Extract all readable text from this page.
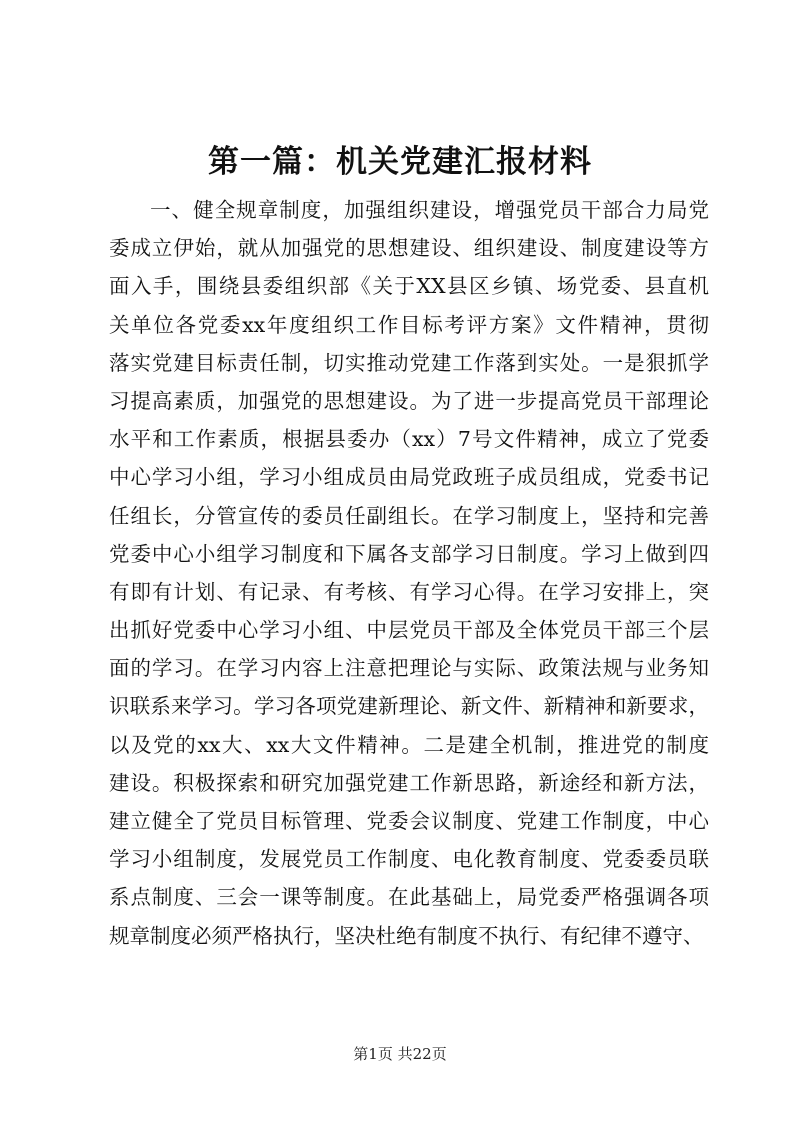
第一篇：机关党建汇报材料
一、健全规章制度，加强组织建设，增强党员干部合力局党
委成立伊始，就从加强党的思想建设、组织建设、制度建设等方
面入手，围绕县委组织部《关于XX县区乡镇、场党委、县直机
关单位各党委xx年度组织工作目标考评方案》文件精神，贯彻
落实党建目标责任制，切实推动党建工作落到实处。一是狠抓学
习提高素质，加强党的思想建设。为了进一步提高党员干部理论
水平和工作素质，根据县委办（xx）7号文件精神，成立了党委
中心学习小组，学习小组成员由局党政班子成员组成，党委书记
任组长，分管宣传的委员任副组长。在学习制度上，坚持和完善
党委中心小组学习制度和下属各支部学习日制度。学习上做到四
有即有计划、有记录、有考核、有学习心得。在学习安排上，突
出抓好党委中心学习小组、中层党员干部及全体党员干部三个层
面的学习。在学习内容上注意把理论与实际、政策法规与业务知
识联系来学习。学习各项党建新理论、新文件、新精神和新要求，
以及党的xx大、xx大文件精神。二是建全机制，推进党的制度
建设。积极探索和研究加强党建工作新思路，新途经和新方法，
建立健全了党员目标管理、党委会议制度、党建工作制度，中心
学习小组制度，发展党员工作制度、电化教育制度、党委委员联
系点制度、三会一课等制度。在此基础上，局党委严格强调各项
规章制度必须严格执行，坚决杜绝有制度不执行、有纪律不遵守、
第1页 共22页
